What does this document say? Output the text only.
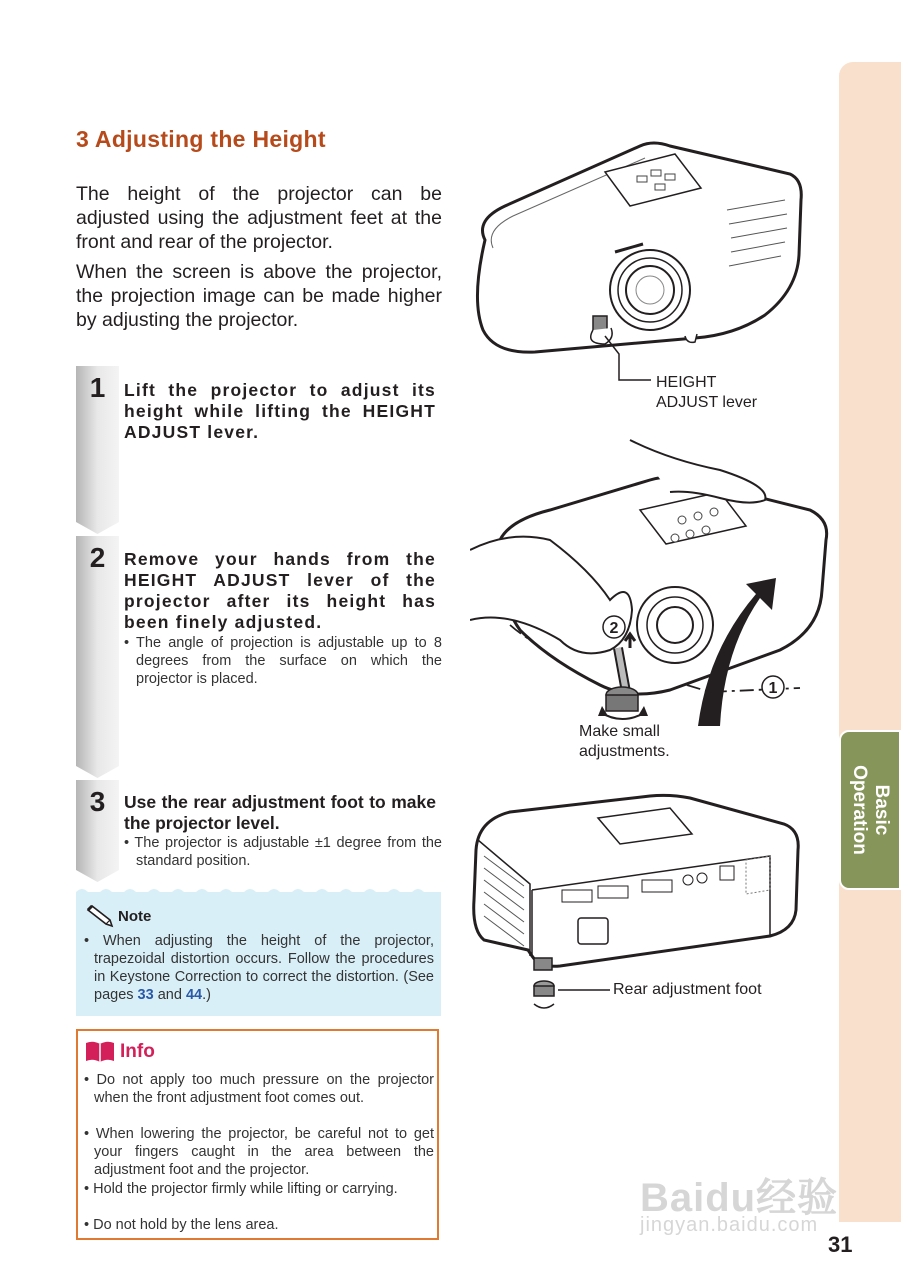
Basic
Operation
3 Adjusting the Height
The height of the projector can be adjusted using the adjustment feet at the front and rear of the projector.
When the screen is above the projector, the projection image can be made higher by adjusting the projector.
1	Lift the projector to adjust its height while lifting the HEIGHT ADJUST lever.
2	Remove your hands from the HEIGHT ADJUST lever of the projector after its height has been finely adjusted.
• The angle of projection is adjustable up to 8 degrees from the surface on which the projector is placed.
3	Use the rear adjustment foot to make the projector level.
• The projector is adjustable ±1 degree from the standard position.
Note
• When adjusting the height of the projector, trapezoidal distortion occurs. Follow the procedures in Keystone Correction to correct the distortion. (See pages 33 and 44.)
Info
• Do not apply too much pressure on the projector when the front adjustment foot comes out.
• When lowering the projector, be careful not to get your fingers caught in the area between the adjustment foot and the projector.
• Hold the projector firmly while lifting or carrying.
• Do not hold by the lens area.
HEIGHT
ADJUST lever
2
1
Make small
adjustments.
Rear adjustment foot
Baidu经验
jingyan.baidu.com
31
